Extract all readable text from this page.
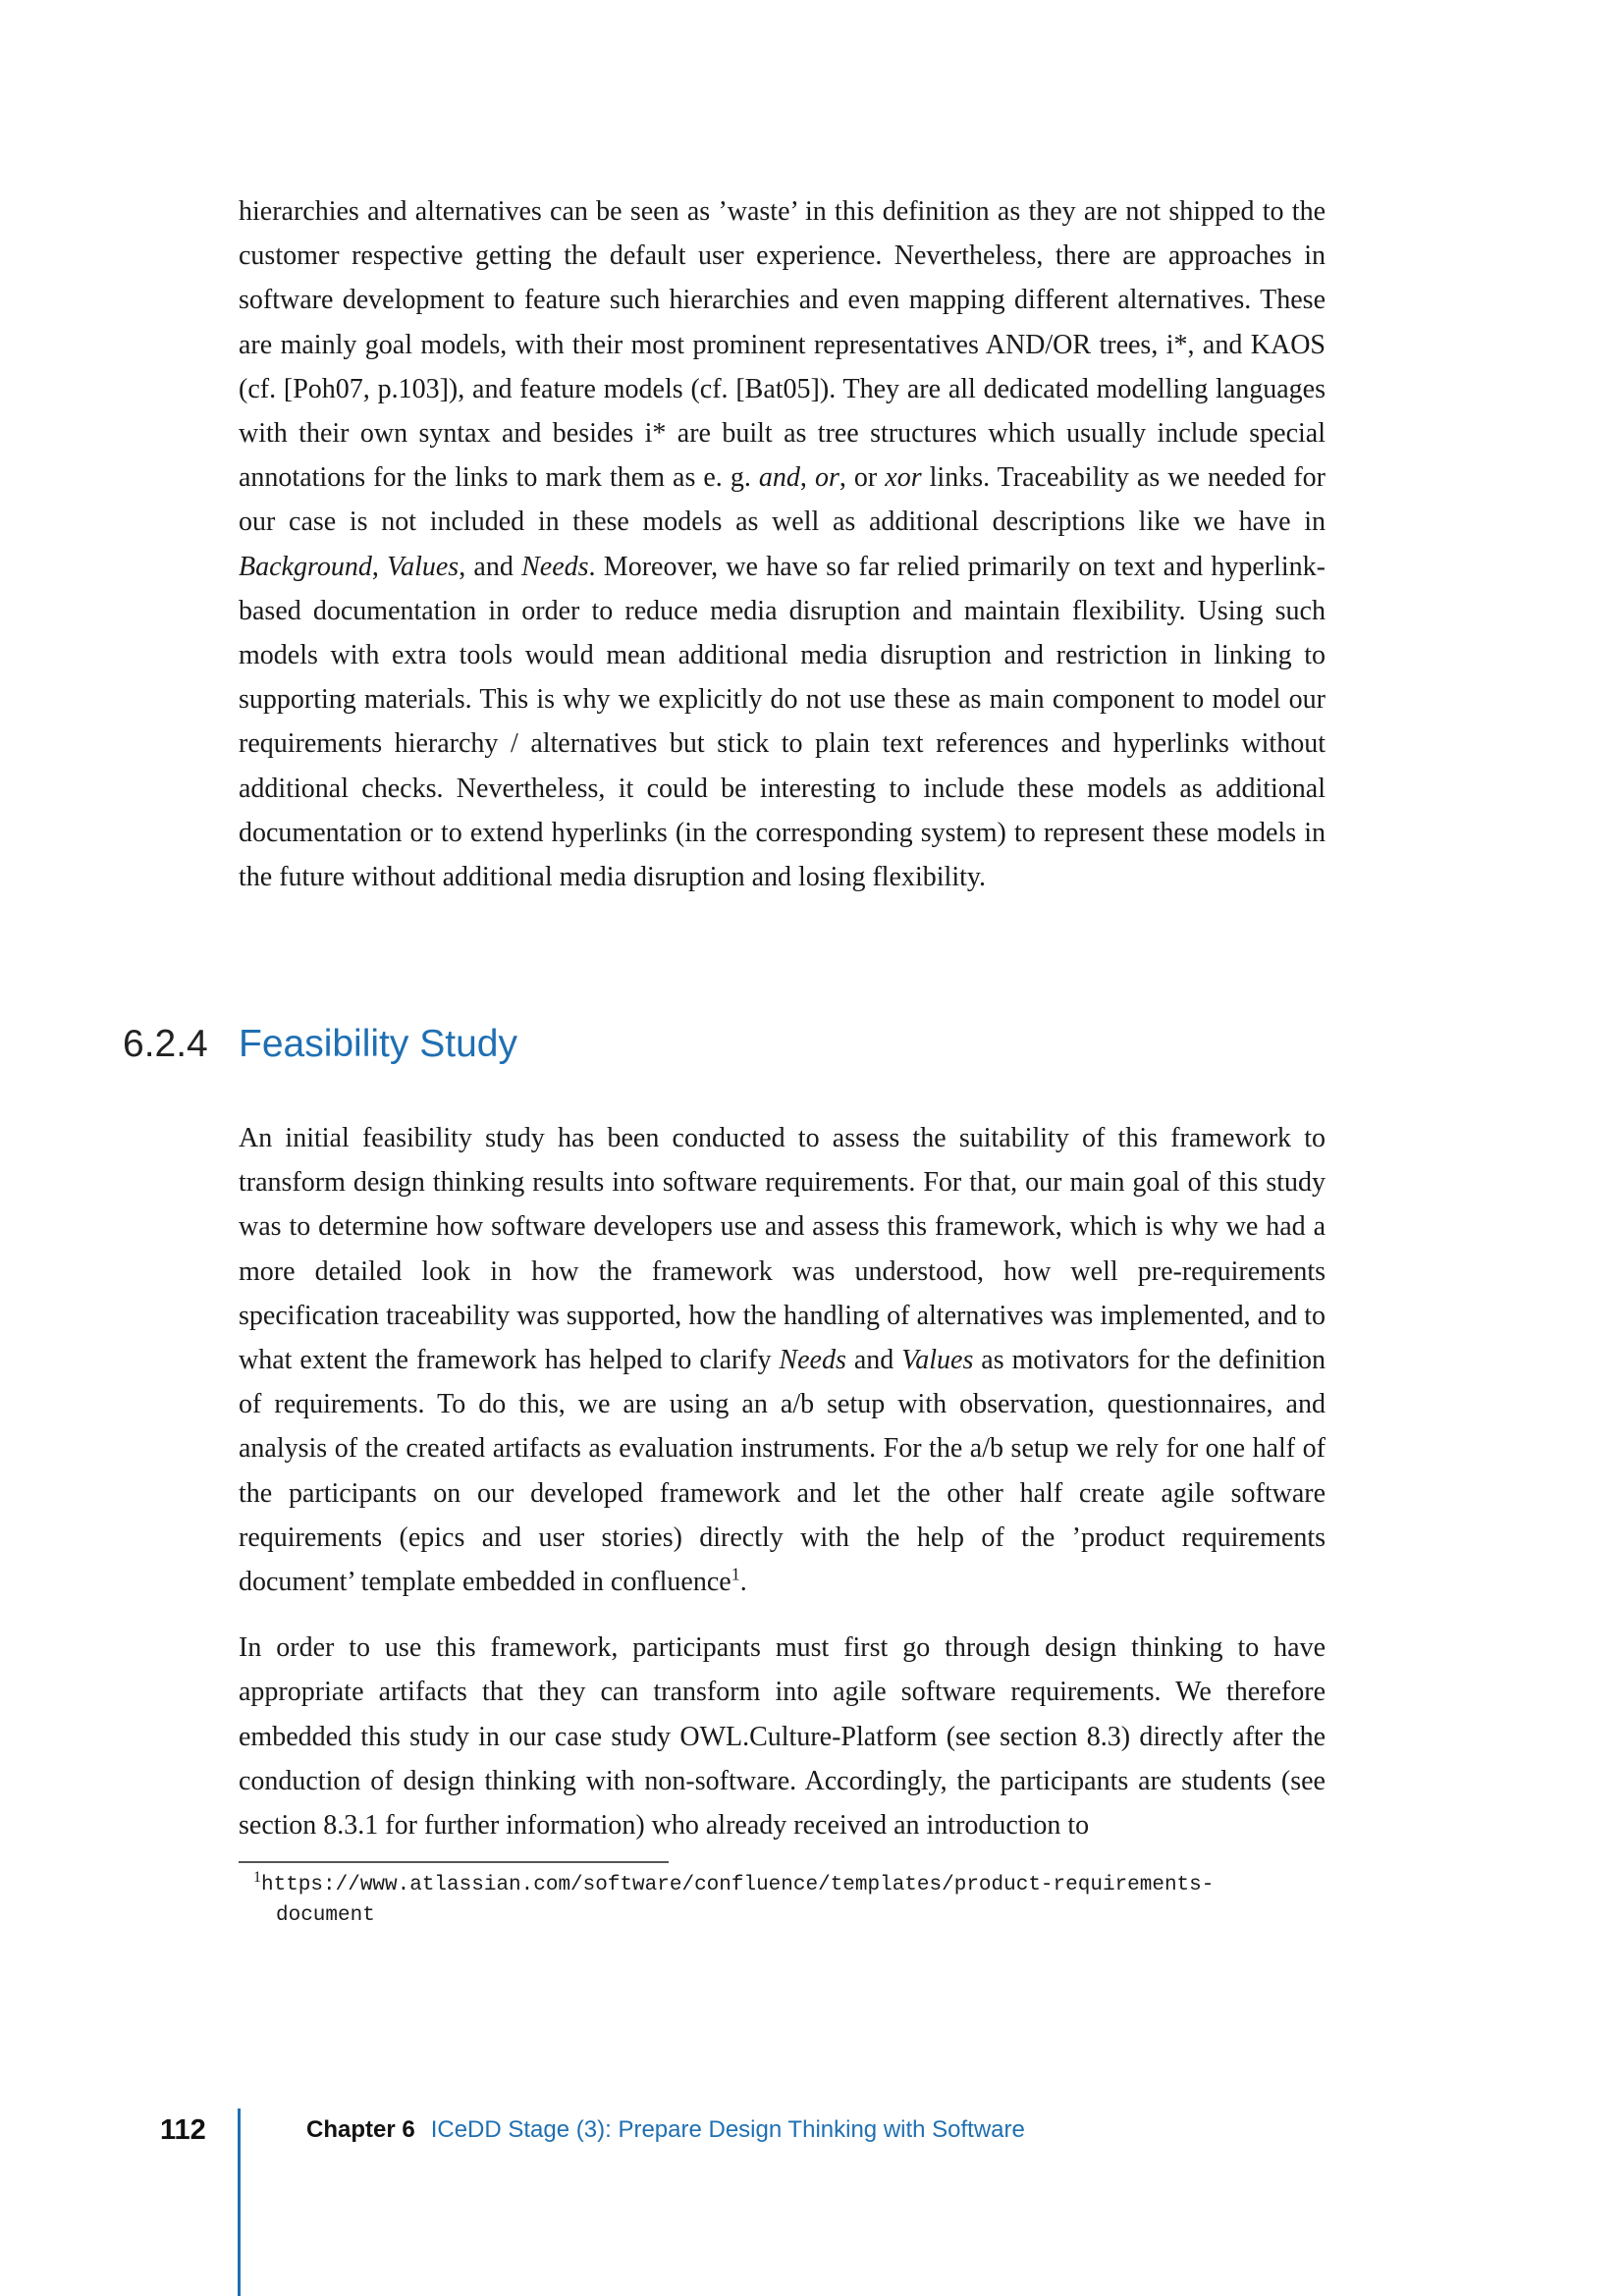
hierarchies and alternatives can be seen as ’waste’ in this definition as they are not shipped to the customer respective getting the default user experience. Nevertheless, there are approaches in software development to feature such hierarchies and even mapping different alternatives. These are mainly goal models, with their most prominent representatives AND/OR trees, i*, and KAOS (cf. [Poh07, p.103]), and feature models (cf. [Bat05]). They are all dedicated modelling languages with their own syntax and besides i* are built as tree structures which usually include special annotations for the links to mark them as e. g. and, or, or xor links. Traceability as we needed for our case is not included in these models as well as additional descriptions like we have in Background, Values, and Needs. Moreover, we have so far relied primarily on text and hyperlink-based documentation in order to reduce media disruption and maintain flexibility. Using such models with extra tools would mean additional media disruption and restriction in linking to supporting materials. This is why we explicitly do not use these as main component to model our requirements hierarchy / alternatives but stick to plain text references and hyperlinks without additional checks. Nevertheless, it could be interesting to include these models as additional documentation or to extend hyperlinks (in the corresponding system) to represent these models in the future without additional media disruption and losing flexibility.

6.2.4 Feasibility Study

An initial feasibility study has been conducted to assess the suitability of this framework to transform design thinking results into software requirements. For that, our main goal of this study was to determine how software developers use and assess this framework, which is why we had a more detailed look in how the framework was understood, how well pre-requirements specification traceability was supported, how the handling of alternatives was implemented, and to what extent the framework has helped to clarify Needs and Values as motivators for the definition of requirements. To do this, we are using an a/b setup with observation, questionnaires, and analysis of the created artifacts as evaluation instruments. For the a/b setup we rely for one half of the participants on our developed framework and let the other half create agile software requirements (epics and user stories) directly with the help of the ’product requirements document’ template embedded in confluence$^1$.

In order to use this framework, participants must first go through design thinking to have appropriate artifacts that they can transform into agile software requirements. We therefore embedded this study in our case study OWL.Culture-Platform (see section 8.3) directly after the conduction of design thinking with non-software. Accordingly, the participants are students (see section 8.3.1 for further information) who already received an introduction to

$^1$https://www.atlassian.com/software/confluence/templates/product-requirements-
document
112	Chapter 6 ICeDD Stage (3): Prepare Design Thinking with Software
